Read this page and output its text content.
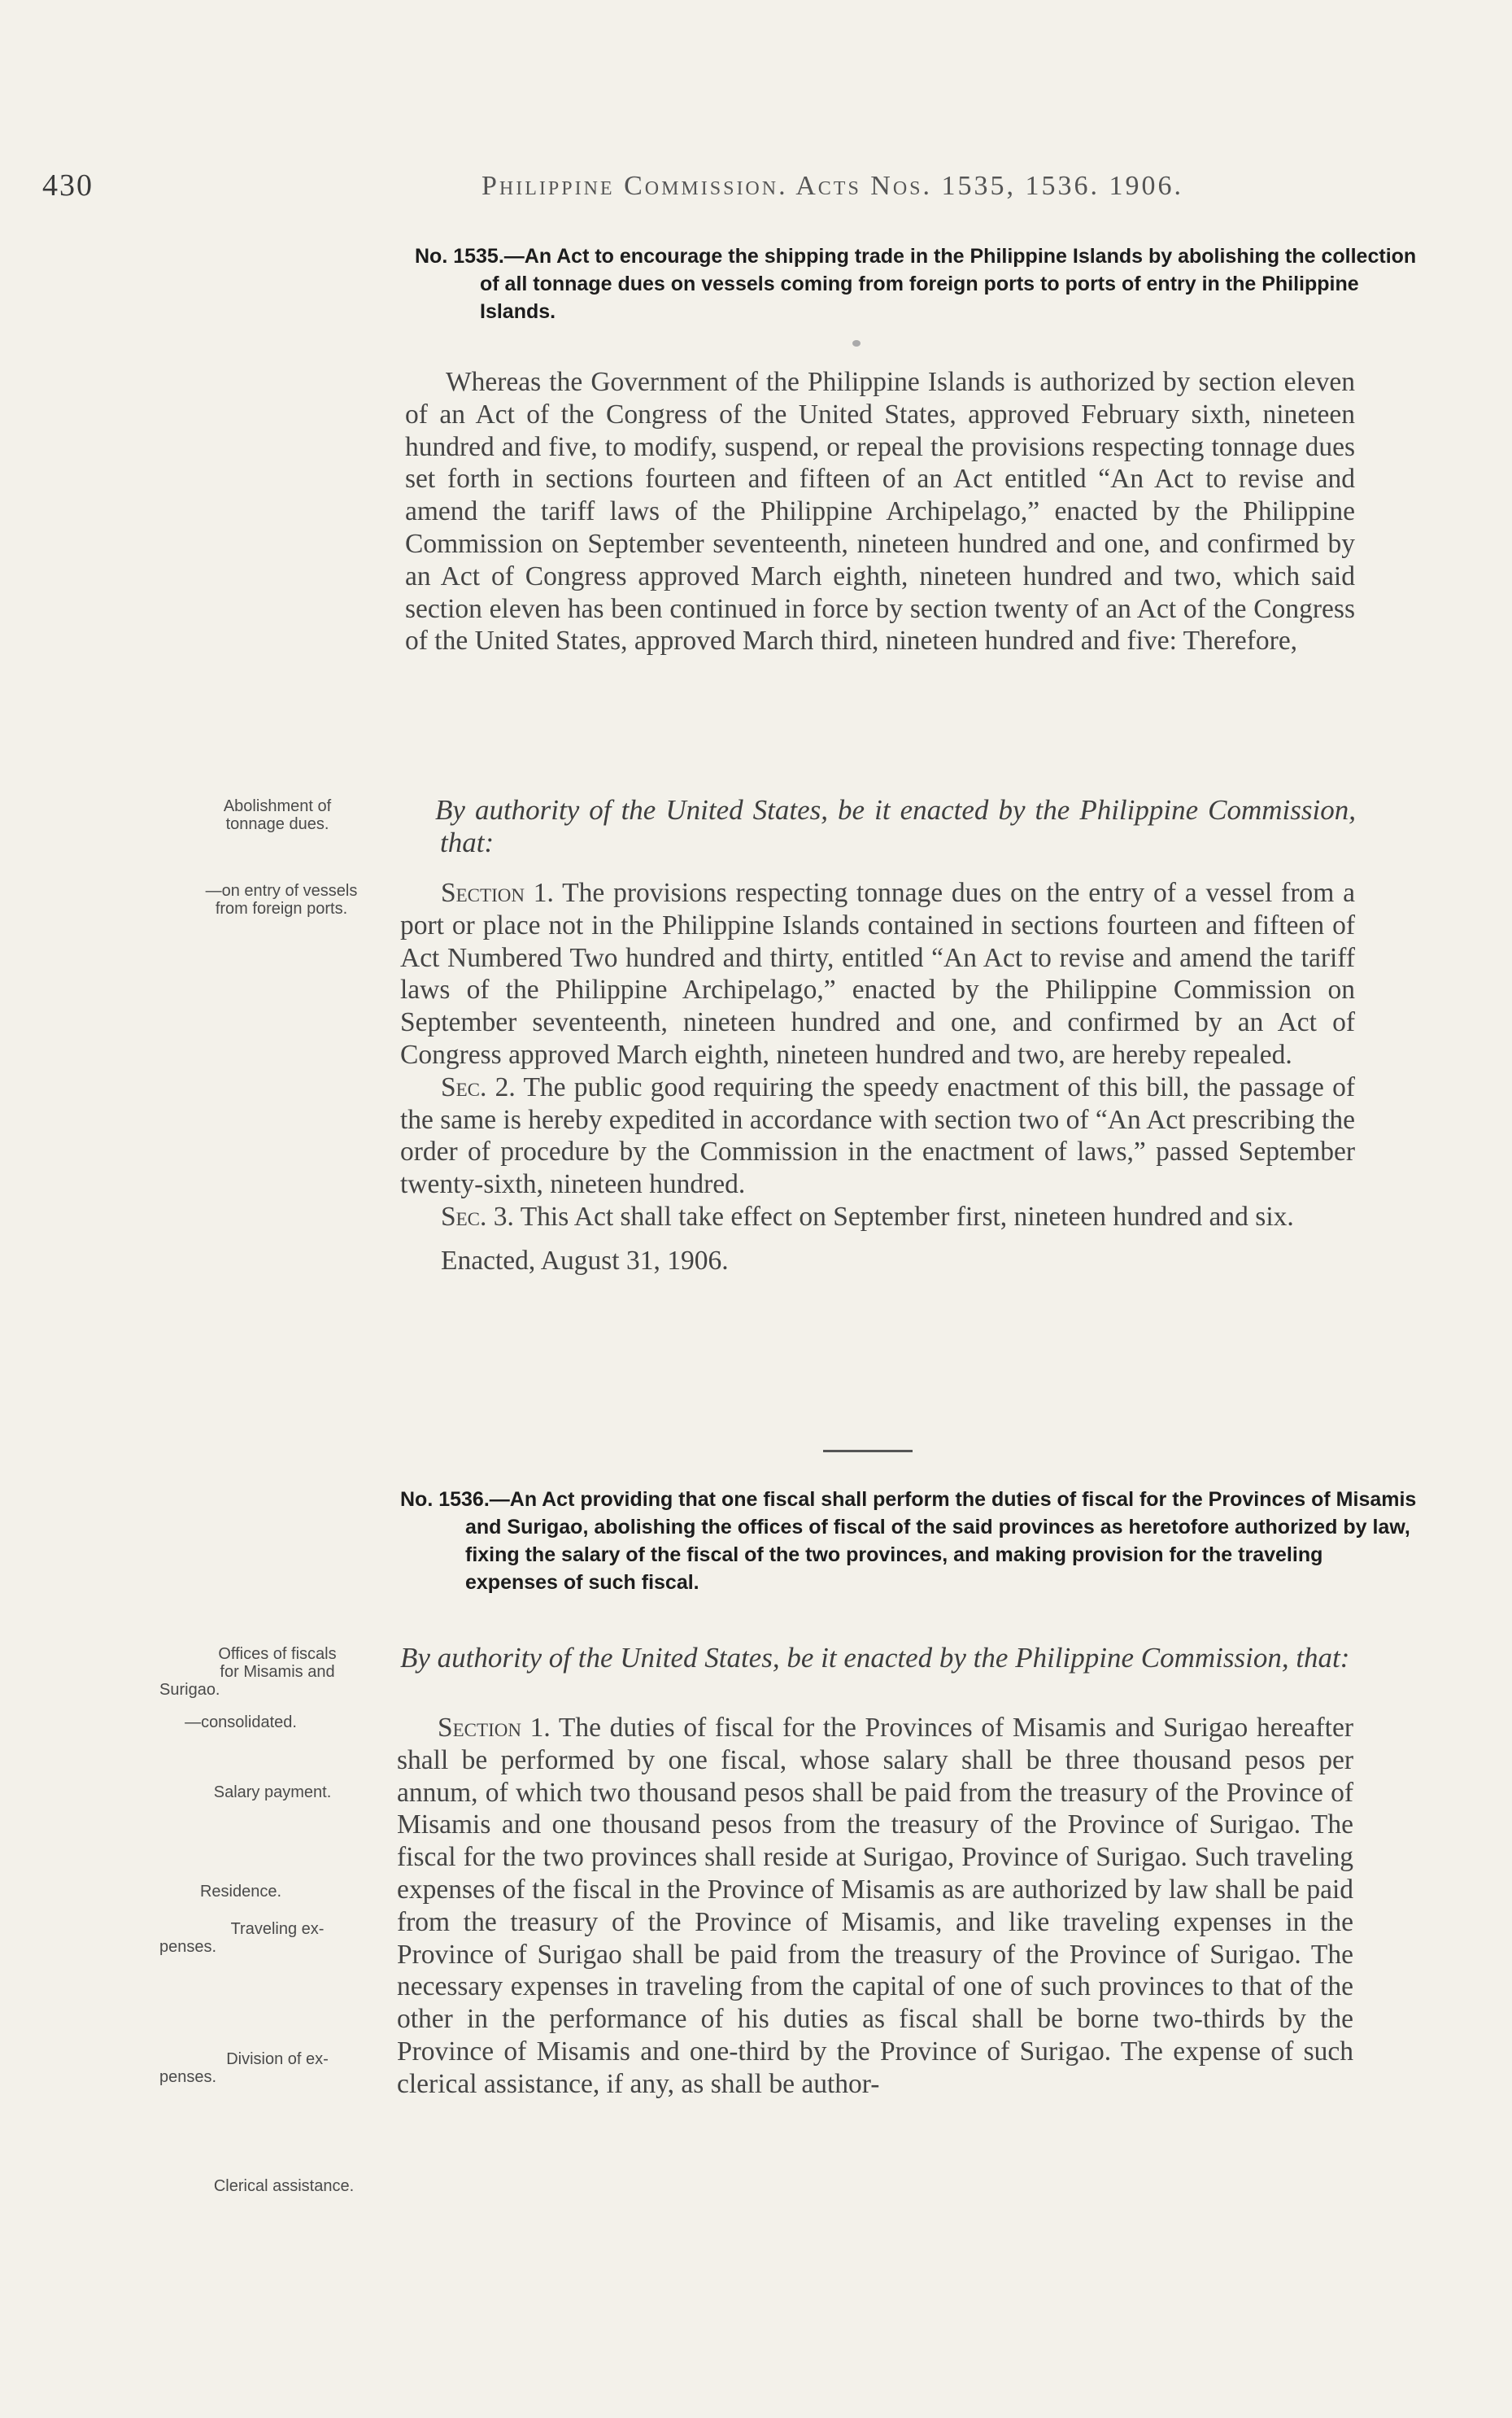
430	Philippine Commission. Acts Nos. 1535, 1536. 1906.
No. 1535.—An Act to encourage the shipping trade in the Philippine Islands by abolishing the collection of all tonnage dues on vessels coming from foreign ports to ports of entry in the Philippine Islands.

Whereas the Government of the Philippine Islands is authorized by section eleven of an Act of the Congress of the United States, approved February sixth, nineteen hundred and five, to modify, suspend, or repeal the provisions respecting tonnage dues set forth in sections fourteen and fifteen of an Act entitled “An Act to revise and amend the tariff laws of the Philippine Archipelago,” enacted by the Philippine Commission on September seventeenth, nineteen hundred and one, and confirmed by an Act of Congress approved March eighth, nineteen hundred and two, which said section eleven has been continued in force by section twenty of an Act of the Congress of the United States, approved March third, nineteen hundred and five: Therefore,

By authority of the United States, be it enacted by the Philippine Commission, that:

Section 1. The provisions respecting tonnage dues on the entry of a vessel from a port or place not in the Philippine Islands contained in sections fourteen and fifteen of Act Numbered Two hundred and thirty, entitled “An Act to revise and amend the tariff laws of the Philippine Archipelago,” enacted by the Philippine Commission on September seventeenth, nineteen hundred and one, and confirmed by an Act of Congress approved March eighth, nineteen hundred and two, are hereby repealed.

Sec. 2. The public good requiring the speedy enactment of this bill, the passage of the same is hereby expedited in accordance with section two of “An Act prescribing the order of procedure by the Commission in the enactment of laws,” passed September twenty-sixth, nineteen hundred.

Sec. 3. This Act shall take effect on September first, nineteen hundred and six.

Enacted, August 31, 1906.

No. 1536.—An Act providing that one fiscal shall perform the duties of fiscal for the Provinces of Misamis and Surigao, abolishing the offices of fiscal of the said provinces as heretofore authorized by law, fixing the salary of the fiscal of the two provinces, and making provision for the traveling expenses of such fiscal.

By authority of the United States, be it enacted by the Philippine Commission, that:

Section 1. The duties of fiscal for the Provinces of Misamis and Surigao hereafter shall be performed by one fiscal, whose salary shall be three thousand pesos per annum, of which two thousand pesos shall be paid from the treasury of the Province of Misamis and one thousand pesos from the treasury of the Province of Surigao. The fiscal for the two provinces shall reside at Surigao, Province of Surigao. Such traveling expenses of the fiscal in the Province of Misamis as are authorized by law shall be paid from the treasury of the Province of Misamis, and like traveling expenses in the Province of Surigao shall be paid from the treasury of the Province of Surigao. The necessary expenses in traveling from the capital of one of such provinces to that of the other in the performance of his duties as fiscal shall be borne two-thirds by the Province of Misamis and one-third by the Province of Surigao. The expense of such clerical assistance, if any, as shall be author-

Abolishment of
tonnage dues.
—on entry of vessels
from foreign ports.
Offices of fiscals
for Misamis and
Surigao.
—consolidated.
Salary payment.
Residence.
Traveling ex-
penses.
Division of ex-
penses.
Clerical assistance.
